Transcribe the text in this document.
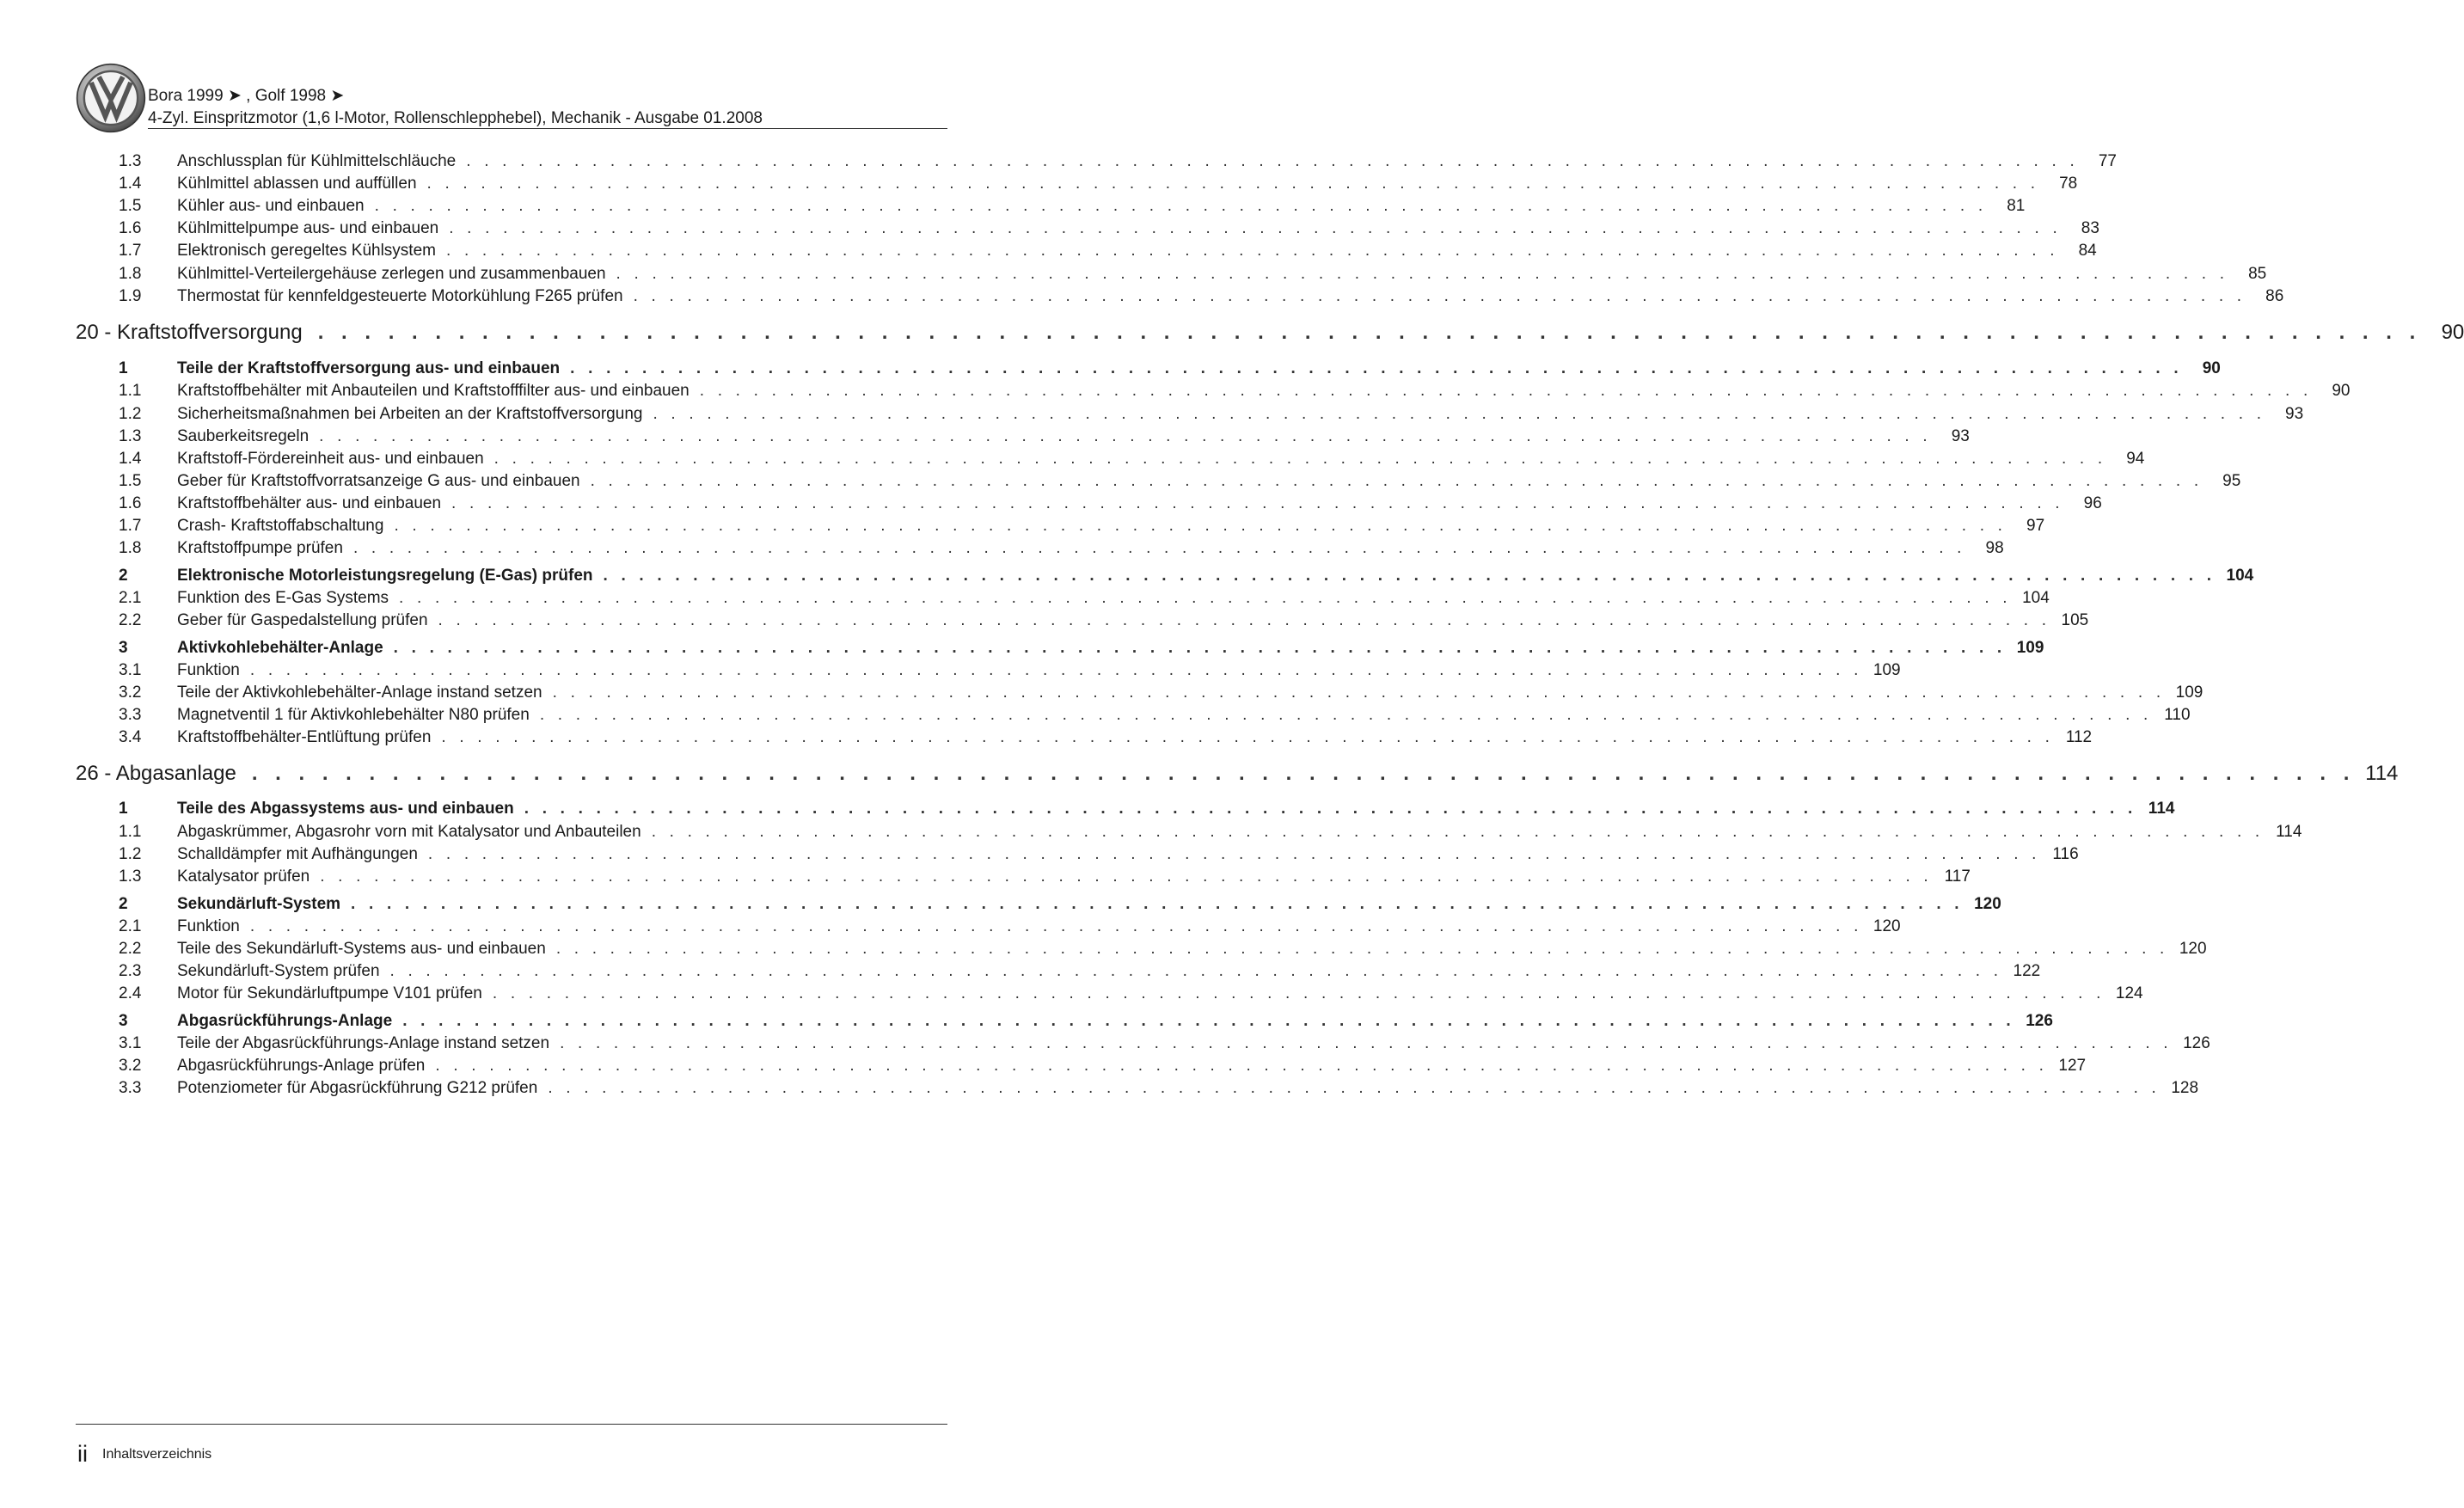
Bora 1999 ➤ , Golf 1998 ➤
4-Zyl. Einspritzmotor (1,6 l-Motor, Rollenschlepphebel), Mechanik - Ausgabe 01.2008
1.3	Anschlussplan für Kühlmittelschläuche . . . . . . . . . . . . . . . . . . . . . . . . . . . . . . . . . . . . . . . . . . . . . . . . . . . . . . . . . . . . . . . . . . . . . . . . . . . . . . . . . . . . . . . . . .	77
1.4	Kühlmittel ablassen und auffüllen . . . . . . . . . . . . . . . . . . . . . . . . . . . . . . . . . . . . . . . . . . . . . . . . . . . . . . . . . . . . . . . . . . . . . . . . . . . . . . . . . . . . . . . . . .	78
1.5	Kühler aus- und einbauen . . . . . . . . . . . . . . . . . . . . . . . . . . . . . . . . . . . . . . . . . . . . . . . . . . . . . . . . . . . . . . . . . . . . . . . . . . . . . . . . . . . . . . . . . .	81
1.6	Kühlmittelpumpe aus- und einbauen . . . . . . . . . . . . . . . . . . . . . . . . . . . . . . . . . . . . . . . . . . . . . . . . . . . . . . . . . . . . . . . . . . . . . . . . . . . . . . . . . . . . . . . . . .	83
1.7	Elektronisch geregeltes Kühlsystem . . . . . . . . . . . . . . . . . . . . . . . . . . . . . . . . . . . . . . . . . . . . . . . . . . . . . . . . . . . . . . . . . . . . . . . . . . . . . . . . . . . . . . . . . .	84
1.8	Kühlmittel-Verteilergehäuse zerlegen und zusammenbauen . . . . . . . . . . . . . . . . . . . . . . . . . . . . . . . . . . . . . . . . . . . . . . . . . . . . . . . . . . . . . . . . . . . . . . . . . . . . . . . . . . . . . . . . . .	85
1.9	Thermostat für kennfeldgesteuerte Motorkühlung F265 prüfen . . . . . . . . . . . . . . . . . . . . . . . . . . . . . . . . . . . . . . . . . . . . . . . . . . . . . . . . . . . . . . . . . . . . . . . . . . . . . . . . . . . . . . . . . .	86
20 - Kraftstoffversorgung . . . . . . . . . . . . . . . . . . . . . . . . . . . . . . . . . . . . . . . . . . . . . . . . . . . . . . . . . . . . . . . . . . . . . . . . . . . . . . . . . . . . . . . . . . 90
1	Teile der Kraftstoffversorgung aus- und einbauen . . . . . . . . . . . . . . . . . . . . . . . . . . . . . . . . . . . . . . . . . . . . . . . . . . . . . . . . . . . . . . . . . . . . . . . . . . . . . . . . . . . . . . . . . .	90
1.1	Kraftstoffbehälter mit Anbauteilen und Kraftstofffilter aus- und einbauen . . . . . . . . . . . . . . . . . . . . . . . . . . . . . . . . . . . . . . . . . . . . . . . . . . . . . . . . . . . . . . . . . . . . . . . . . . . . . . . . . . . . . . . . . .	90
1.2	Sicherheitsmaßnahmen bei Arbeiten an der Kraftstoffversorgung . . . . . . . . . . . . . . . . . . . . . . . . . . . . . . . . . . . . . . . . . . . . . . . . . . . . . . . . . . . . . . . . . . . . . . . . . . . . . . . . . . . . . . . . . .	93
1.3	Sauberkeitsregeln . . . . . . . . . . . . . . . . . . . . . . . . . . . . . . . . . . . . . . . . . . . . . . . . . . . . . . . . . . . . . . . . . . . . . . . . . . . . . . . . . . . . . . . . . .	93
1.4	Kraftstoff-Fördereinheit aus- und einbauen . . . . . . . . . . . . . . . . . . . . . . . . . . . . . . . . . . . . . . . . . . . . . . . . . . . . . . . . . . . . . . . . . . . . . . . . . . . . . . . . . . . . . . . . . .	94
1.5	Geber für Kraftstoffvorratsanzeige G aus- und einbauen . . . . . . . . . . . . . . . . . . . . . . . . . . . . . . . . . . . . . . . . . . . . . . . . . . . . . . . . . . . . . . . . . . . . . . . . . . . . . . . . . . . . . . . . . .	95
1.6	Kraftstoffbehälter aus- und einbauen . . . . . . . . . . . . . . . . . . . . . . . . . . . . . . . . . . . . . . . . . . . . . . . . . . . . . . . . . . . . . . . . . . . . . . . . . . . . . . . . . . . . . . . . . .	96
1.7	Crash- Kraftstoffabschaltung . . . . . . . . . . . . . . . . . . . . . . . . . . . . . . . . . . . . . . . . . . . . . . . . . . . . . . . . . . . . . . . . . . . . . . . . . . . . . . . . . . . . . . . . . .	97
1.8	Kraftstoffpumpe prüfen . . . . . . . . . . . . . . . . . . . . . . . . . . . . . . . . . . . . . . . . . . . . . . . . . . . . . . . . . . . . . . . . . . . . . . . . . . . . . . . . . . . . . . . . . .	98
2	Elektronische Motorleistungsregelung (E-Gas) prüfen . . . . . . . . . . . . . . . . . . . . . . . . . . . . . . . . . . . . . . . . . . . . . . . . . . . . . . . . . . . . . . . . . . . . . . . . . . . . . . . . . . . . . . . . . . 104
2.1	Funktion des E-Gas Systems . . . . . . . . . . . . . . . . . . . . . . . . . . . . . . . . . . . . . . . . . . . . . . . . . . . . . . . . . . . . . . . . . . . . . . . . . . . . . . . . . . . . . . . . . . 104
2.2	Geber für Gaspedalstellung prüfen . . . . . . . . . . . . . . . . . . . . . . . . . . . . . . . . . . . . . . . . . . . . . . . . . . . . . . . . . . . . . . . . . . . . . . . . . . . . . . . . . . . . . . . . . . 105
3	Aktivkohlebehälter-Anlage . . . . . . . . . . . . . . . . . . . . . . . . . . . . . . . . . . . . . . . . . . . . . . . . . . . . . . . . . . . . . . . . . . . . . . . . . . . . . . . . . . . . . . . . . . 109
3.1	Funktion . . . . . . . . . . . . . . . . . . . . . . . . . . . . . . . . . . . . . . . . . . . . . . . . . . . . . . . . . . . . . . . . . . . . . . . . . . . . . . . . . . . . . . . . . . 109
3.2	Teile der Aktivkohlebehälter-Anlage instand setzen . . . . . . . . . . . . . . . . . . . . . . . . . . . . . . . . . . . . . . . . . . . . . . . . . . . . . . . . . . . . . . . . . . . . . . . . . . . . . . . . . . . . . . . . . . 109
3.3	Magnetventil 1 für Aktivkohlebehälter N80 prüfen . . . . . . . . . . . . . . . . . . . . . . . . . . . . . . . . . . . . . . . . . . . . . . . . . . . . . . . . . . . . . . . . . . . . . . . . . . . . . . . . . . . . . . . . . . 110
3.4	Kraftstoffbehälter-Entlüftung prüfen . . . . . . . . . . . . . . . . . . . . . . . . . . . . . . . . . . . . . . . . . . . . . . . . . . . . . . . . . . . . . . . . . . . . . . . . . . . . . . . . . . . . . . . . . . 112
26 - Abgasanlage . . . . . . . . . . . . . . . . . . . . . . . . . . . . . . . . . . . . . . . . . . . . . . . . . . . . . . . . . . . . . . . . . . . . . . . . . . . . . . . . . . . . . . . . . . 114
1	Teile des Abgassystems aus- und einbauen . . . . . . . . . . . . . . . . . . . . . . . . . . . . . . . . . . . . . . . . . . . . . . . . . . . . . . . . . . . . . . . . . . . . . . . . . . . . . . . . . . . . . . . . . . 114
1.1	Abgaskrümmer, Abgasrohr vorn mit Katalysator und Anbauteilen . . . . . . . . . . . . . . . . . . . . . . . . . . . . . . . . . . . . . . . . . . . . . . . . . . . . . . . . . . . . . . . . . . . . . . . . . . . . . . . . . . . . . . . . . . 114
1.2	Schalldämpfer mit Aufhängungen . . . . . . . . . . . . . . . . . . . . . . . . . . . . . . . . . . . . . . . . . . . . . . . . . . . . . . . . . . . . . . . . . . . . . . . . . . . . . . . . . . . . . . . . . . 116
1.3	Katalysator prüfen . . . . . . . . . . . . . . . . . . . . . . . . . . . . . . . . . . . . . . . . . . . . . . . . . . . . . . . . . . . . . . . . . . . . . . . . . . . . . . . . . . . . . . . . . . 117
2	Sekundärluft-System . . . . . . . . . . . . . . . . . . . . . . . . . . . . . . . . . . . . . . . . . . . . . . . . . . . . . . . . . . . . . . . . . . . . . . . . . . . . . . . . . . . . . . . . . . 120
2.1	Funktion . . . . . . . . . . . . . . . . . . . . . . . . . . . . . . . . . . . . . . . . . . . . . . . . . . . . . . . . . . . . . . . . . . . . . . . . . . . . . . . . . . . . . . . . . . 120
2.2	Teile des Sekundärluft-Systems aus- und einbauen . . . . . . . . . . . . . . . . . . . . . . . . . . . . . . . . . . . . . . . . . . . . . . . . . . . . . . . . . . . . . . . . . . . . . . . . . . . . . . . . . . . . . . . . . . 120
2.3	Sekundärluft-System prüfen . . . . . . . . . . . . . . . . . . . . . . . . . . . . . . . . . . . . . . . . . . . . . . . . . . . . . . . . . . . . . . . . . . . . . . . . . . . . . . . . . . . . . . . . . . 122
2.4	Motor für Sekundärluftpumpe V101 prüfen . . . . . . . . . . . . . . . . . . . . . . . . . . . . . . . . . . . . . . . . . . . . . . . . . . . . . . . . . . . . . . . . . . . . . . . . . . . . . . . . . . . . . . . . . . 124
3	Abgasrückführungs-Anlage . . . . . . . . . . . . . . . . . . . . . . . . . . . . . . . . . . . . . . . . . . . . . . . . . . . . . . . . . . . . . . . . . . . . . . . . . . . . . . . . . . . . . . . . . . 126
3.1	Teile der Abgasrückführungs-Anlage instand setzen . . . . . . . . . . . . . . . . . . . . . . . . . . . . . . . . . . . . . . . . . . . . . . . . . . . . . . . . . . . . . . . . . . . . . . . . . . . . . . . . . . . . . . . . . . 126
3.2	Abgasrückführungs-Anlage prüfen . . . . . . . . . . . . . . . . . . . . . . . . . . . . . . . . . . . . . . . . . . . . . . . . . . . . . . . . . . . . . . . . . . . . . . . . . . . . . . . . . . . . . . . . . . 127
3.3	Potenziometer für Abgasrückführung G212 prüfen . . . . . . . . . . . . . . . . . . . . . . . . . . . . . . . . . . . . . . . . . . . . . . . . . . . . . . . . . . . . . . . . . . . . . . . . . . . . . . . . . . . . . . . . . . 128
ii Inhaltsverzeichnis
